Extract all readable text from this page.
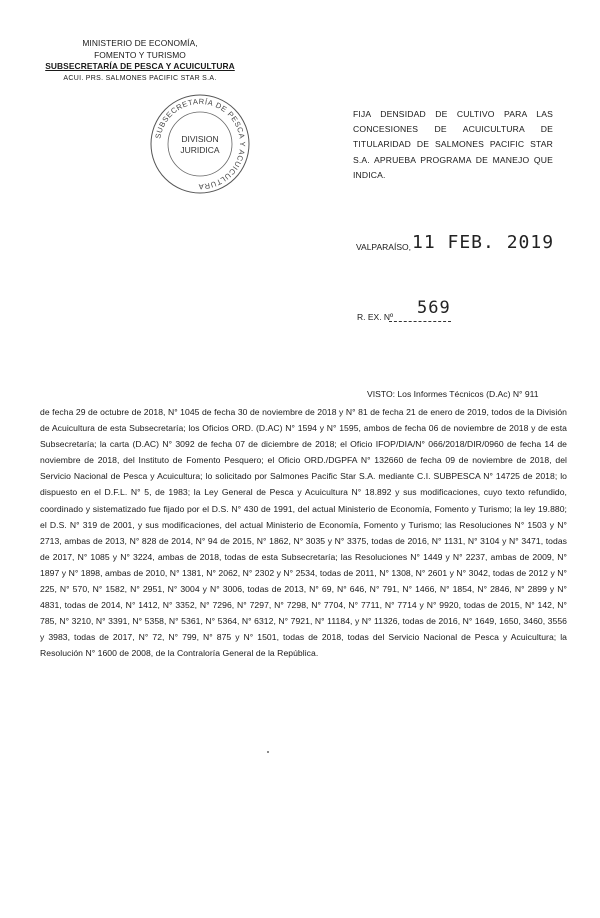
MINISTERIO DE ECONOMÍA,
FOMENTO Y TURISMO
SUBSECRETARÍA DE PESCA Y ACUICULTURA
ACUI. PRS. SALMONES PACIFIC STAR S.A.
SUBSECRETARÍA DE PESCA Y ACUICULTURA
DIVISION
JURIDICA
FIJA DENSIDAD DE CULTIVO PARA LAS CONCESIONES DE ACUICULTURA DE TITULARIDAD DE SALMONES PACIFIC STAR S.A. APRUEBA PROGRAMA DE MANEJO QUE INDICA.
VALPARAÍSO, 11 FEB. 2019
R. EX. Nº 569
VISTO: Los Informes Técnicos (D.Ac) N° 911
de fecha 29 de octubre de 2018, N° 1045 de fecha 30 de noviembre de 2018 y N° 81 de fecha 21 de enero de 2019, todos de la División de Acuicultura de esta Subsecretaría; los Oficios ORD. (D.AC) N° 1594 y N° 1595, ambos de fecha 06 de noviembre de 2018 y de esta Subsecretaría; la carta (D.AC) N° 3092 de fecha 07 de diciembre de 2018; el Oficio IFOP/DIA/N° 066/2018/DIR/0960 de fecha 14 de noviembre de 2018, del Instituto de Fomento Pesquero; el Oficio ORD./DGPFA N° 132660 de fecha 09 de noviembre de 2018, del Servicio Nacional de Pesca y Acuicultura; lo solicitado por Salmones Pacific Star S.A. mediante C.I. SUBPESCA N° 14725 de 2018; lo dispuesto en el D.F.L. N° 5, de 1983; la Ley General de Pesca y Acuicultura N° 18.892 y sus modificaciones, cuyo texto refundido, coordinado y sistematizado fue fijado por el D.S. N° 430 de 1991, del actual Ministerio de Economía, Fomento y Turismo; la ley 19.880; el D.S. N° 319 de 2001, y sus modificaciones, del actual Ministerio de Economía, Fomento y Turismo; las Resoluciones N° 1503 y N° 2713, ambas de 2013, N° 828 de 2014, N° 94 de 2015, N° 1862, N° 3035 y N° 3375, todas de 2016, N° 1131, N° 3104 y N° 3471, todas de 2017, N° 1085 y N° 3224, ambas de 2018, todas de esta Subsecretaría; las Resoluciones N° 1449 y N° 2237, ambas de 2009, N° 1897 y N° 1898, ambas de 2010, N° 1381, N° 2062, N° 2302 y N° 2534, todas de 2011, N° 1308, N° 2601 y N° 3042, todas de 2012 y N° 225, N° 570, N° 1582, N° 2951, N° 3004 y N° 3006, todas de 2013, N° 69, N° 646, N° 791, N° 1466, N° 1854, N° 2846, N° 2899 y N° 4831, todas de 2014, N° 1412, N° 3352, N° 7296, N° 7297, N° 7298, N° 7704, N° 7711, N° 7714 y N° 9920, todas de 2015, N° 142, N° 785, N° 3210, N° 3391, N° 5358, N° 5361, N° 5364, N° 6312, N° 7921, N° 11184, y N° 11326, todas de 2016, N° 1649, 1650, 3460, 3556 y 3983, todas de 2017, N° 72, N° 799, N° 875 y N° 1501, todas de 2018, todas del Servicio Nacional de Pesca y Acuicultura; la Resolución N° 1600 de 2008, de la Contraloría General de la República.
